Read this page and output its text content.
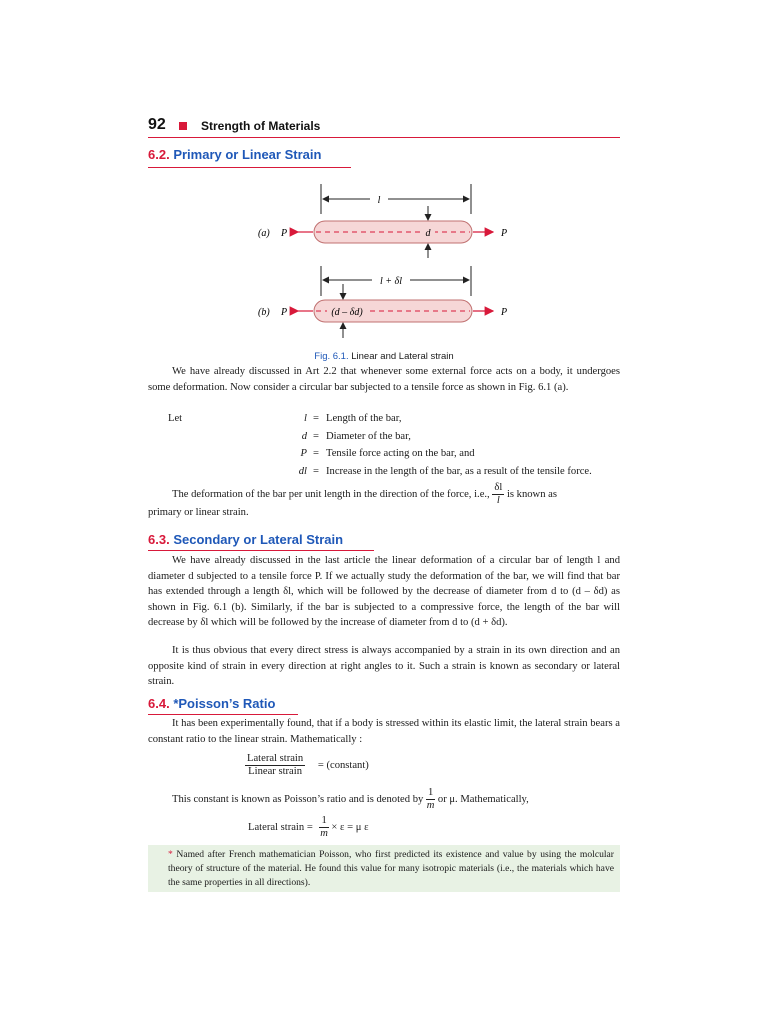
92	Strength of Materials
6.2. Primary or Linear Strain
l
d
(a) P	P
l + δl
(d – δd)
(b) P	P
Fig. 6.1. Linear and Lateral strain
We have already discussed in Art 2.2 that whenever some external force acts on a body, it undergoes some deformation. Now consider a circular bar subjected to a tensile force as shown in Fig. 6.1 (a).
Let	l = Length of the bar,
d = Diameter of the bar,
P = Tensile force acting on the bar, and
dl = Increase in the length of the bar, as a result of the tensile force.
The deformation of the bar per unit length in the direction of the force, i.e., $\frac{\delta l}{l}$ is known as
primary or linear strain.
6.3. Secondary or Lateral Strain
We have already discussed in the last article the linear deformation of a circular bar of length l and diameter d subjected to a tensile force P. If we actually study the deformation of the bar, we will find that bar has extended through a length δl, which will be followed by the decrease of diameter from d to (d – δd) as shown in Fig. 6.1 (b). Similarly, if the bar is subjected to a compressive force, the length of the bar will decrease by δl which will be followed by the increase of diameter from d to (d + δd).
It is thus obvious that every direct stress is always accompanied by a strain in its own direction and an opposite kind of strain in every direction at right angles to it. Such a strain is known as secondary or lateral strain.
6.4. *Poisson’s Ratio
It has been experimentally found, that if a body is stressed within its elastic limit, the lateral strain bears a constant ratio to the linear strain. Mathematically :
$\frac{\text{Lateral strain}}{\text{Linear strain}}$ = (constant)
This constant is known as Poisson’s ratio and is denoted by $\frac{1}{m}$ or μ. Mathematically,
Lateral strain = $\frac{1}{m} \times \varepsilon = \mu$ ε
* Named after French mathematician Poisson, who first predicted its existence and value by using the molcular theory of structure of the material. He found this value for many isotropic materials (i.e., the materials which have the same properties in all directions).
